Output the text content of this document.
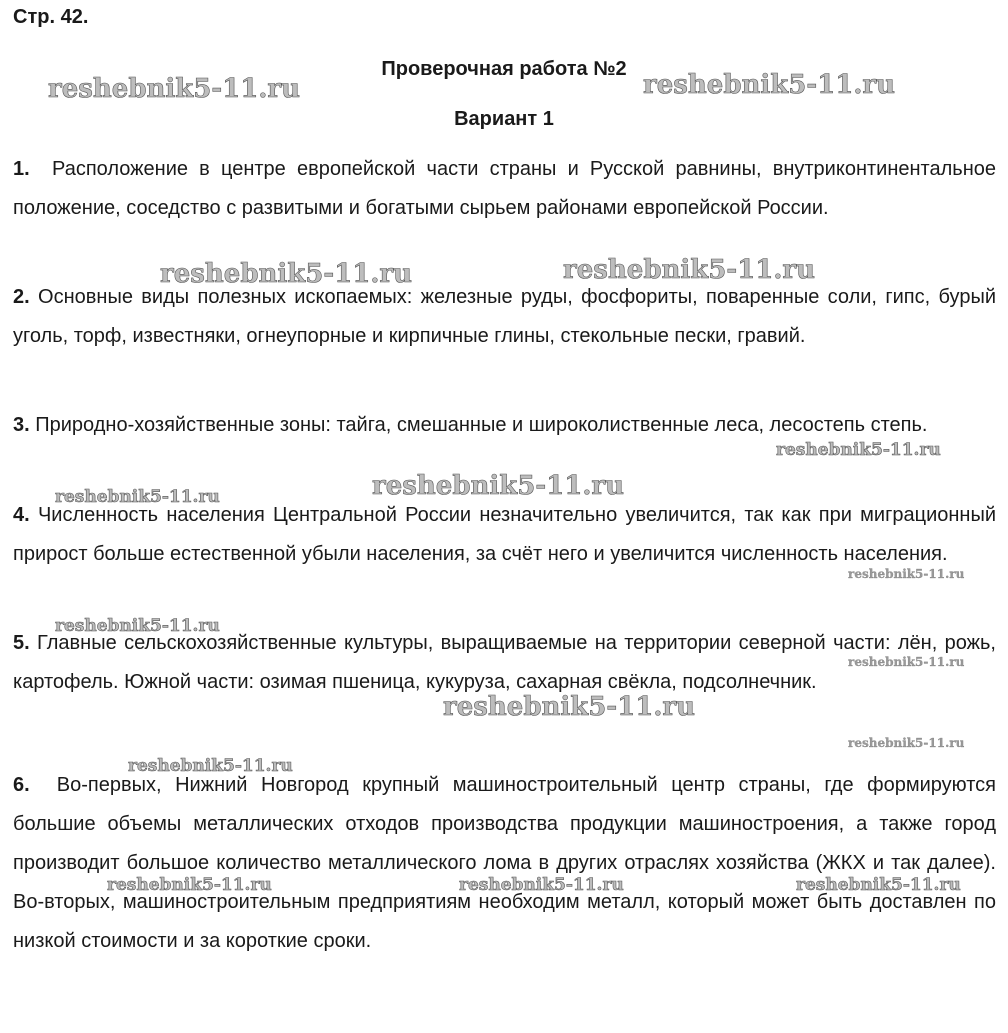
Стр. 42.
Проверочная работа №2
Вариант 1

1. Расположение в центре европейской части страны и Русской равнины, внутриконтинентальное положение, соседство с развитыми и богатыми сырьем районами европейской России.

2. Основные виды полезных ископаемых: железные руды, фосфориты, поваренные соли, гипс, бурый уголь, торф, известняки, огнеупорные и кирпичные глины, стекольные пески, гравий.

3. Природно-хозяйственные зоны: тайга, смешанные и широколиственные леса, лесостепь степь.

4. Численность населения Центральной России незначительно увеличится, так как при миграционный прирост больше естественной убыли населения, за счёт него и увеличится численность населения.

5. Главные сельскохозяйственные культуры, выращиваемые на территории северной части: лён, рожь, картофель. Южной части: озимая пшеница, кукуруза, сахарная свёкла, подсолнечник.

6. Во-первых, Нижний Новгород крупный машиностроительный центр страны, где формируются большие объемы металлических отходов производства продукции машиностроения, а также город производит большое количество металлического лома в других отраслях хозяйства (ЖКХ и так далее). Во-вторых, машиностроительным предприятиям необходим металл, который может быть доставлен по низкой стоимости и за короткие сроки.

reshebnik5-11.ru	reshebnik5-11.ru
reshebnik5-11.ru	reshebnik5-11.ru
reshebnik5-11.ru
reshebnik5-11.ru
reshebnik5-11.ru
reshebnik5-11.ru
reshebnik5-11.ru
reshebnik5-11.ru
reshebnik5-11.ru
reshebnik5-11.ru
reshebnik5-11.ru
reshebnik5-11.ru	reshebnik5-11.ru	reshebnik5-11.ru
